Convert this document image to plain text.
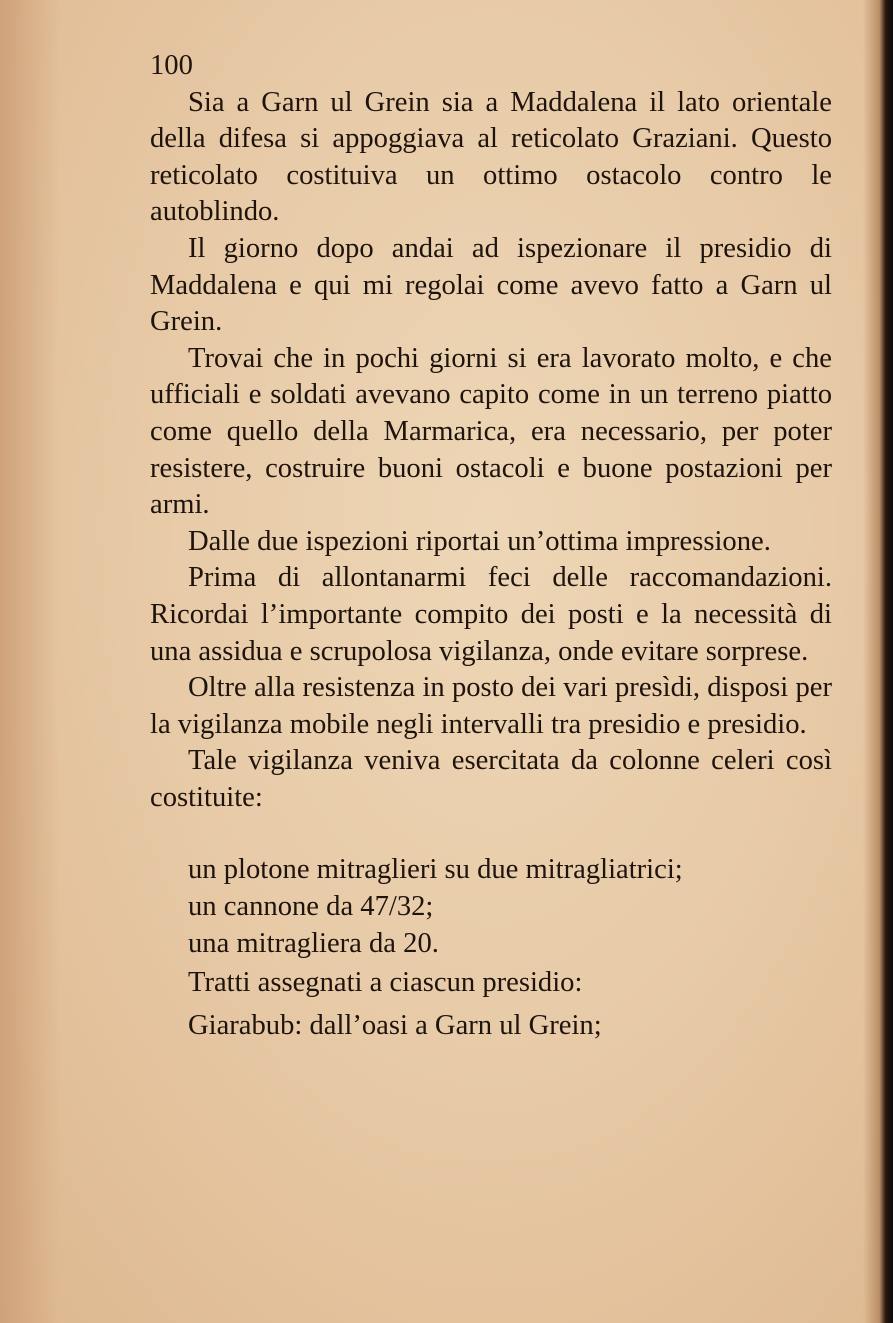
100

Sia a Garn ul Grein sia a Maddalena il lato orientale della difesa si appoggiava al reticolato Graziani. Questo reticolato costituiva un ottimo ostacolo contro le autoblindo.

Il giorno dopo andai ad ispezionare il presidio di Maddalena e qui mi regolai come avevo fatto a Garn ul Grein.

Trovai che in pochi giorni si era lavorato molto, e che ufficiali e soldati avevano capito come in un terreno piatto come quello della Marmarica, era necessario, per poter resistere, costruire buoni ostacoli e buone postazioni per armi.

Dalle due ispezioni riportai un’ottima impressione.

Prima di allontanarmi feci delle raccomandazioni. Ricordai l’importante compito dei posti e la necessità di una assidua e scrupolosa vigilanza, onde evitare sorprese.

Oltre alla resistenza in posto dei vari presìdi, disposi per la vigilanza mobile negli intervalli tra presidio e presidio.

Tale vigilanza veniva esercitata da colonne celeri così costituite:

un plotone mitraglieri su due mitragliatrici;
un cannone da 47/32;
una mitragliera da 20.
Tratti assegnati a ciascun presidio:
Giarabub: dall’oasi a Garn ul Grein;
